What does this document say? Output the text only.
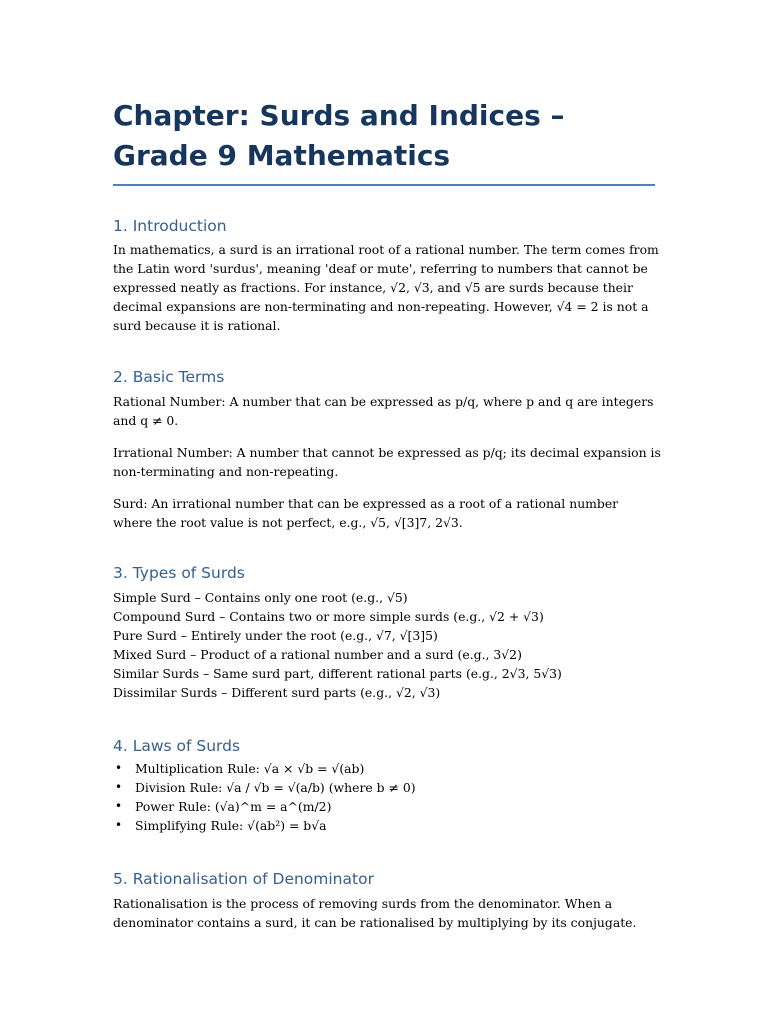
Chapter: Surds and Indices – Grade 9 Mathematics
1. Introduction

In mathematics, a surd is an irrational root of a rational number. The term comes from the Latin word 'surdus', meaning 'deaf or mute', referring to numbers that cannot be expressed neatly as fractions. For instance, √2, √3, and √5 are surds because their decimal expansions are non-terminating and non-repeating. However, √4 = 2 is not a surd because it is rational.

2. Basic Terms

Rational Number: A number that can be expressed as p/q, where p and q are integers and q ≠ 0.

Irrational Number: A number that cannot be expressed as p/q; its decimal expansion is non-terminating and non-repeating.

Surd: An irrational number that can be expressed as a root of a rational number where the root value is not perfect, e.g., √5, √[3]7, 2√3.

3. Types of Surds
Simple Surd – Contains only one root (e.g., √5)
Compound Surd – Contains two or more simple surds (e.g., √2 + √3)
Pure Surd – Entirely under the root (e.g., √7, √[3]5)
Mixed Surd – Product of a rational number and a surd (e.g., 3√2)
Similar Surds – Same surd part, different rational parts (e.g., 2√3, 5√3)
Dissimilar Surds – Different surd parts (e.g., √2, √3)
4. Laws of Surds
• Multiplication Rule: √a × √b = √(ab)
• Division Rule: √a / √b = √(a/b) (where b ≠ 0)
• Power Rule: (√a)^m = a^(m/2)
• Simplifying Rule: √(ab²) = b√a
5. Rationalisation of Denominator

Rationalisation is the process of removing surds from the denominator. When a denominator contains a surd, it can be rationalised by multiplying by its conjugate.
